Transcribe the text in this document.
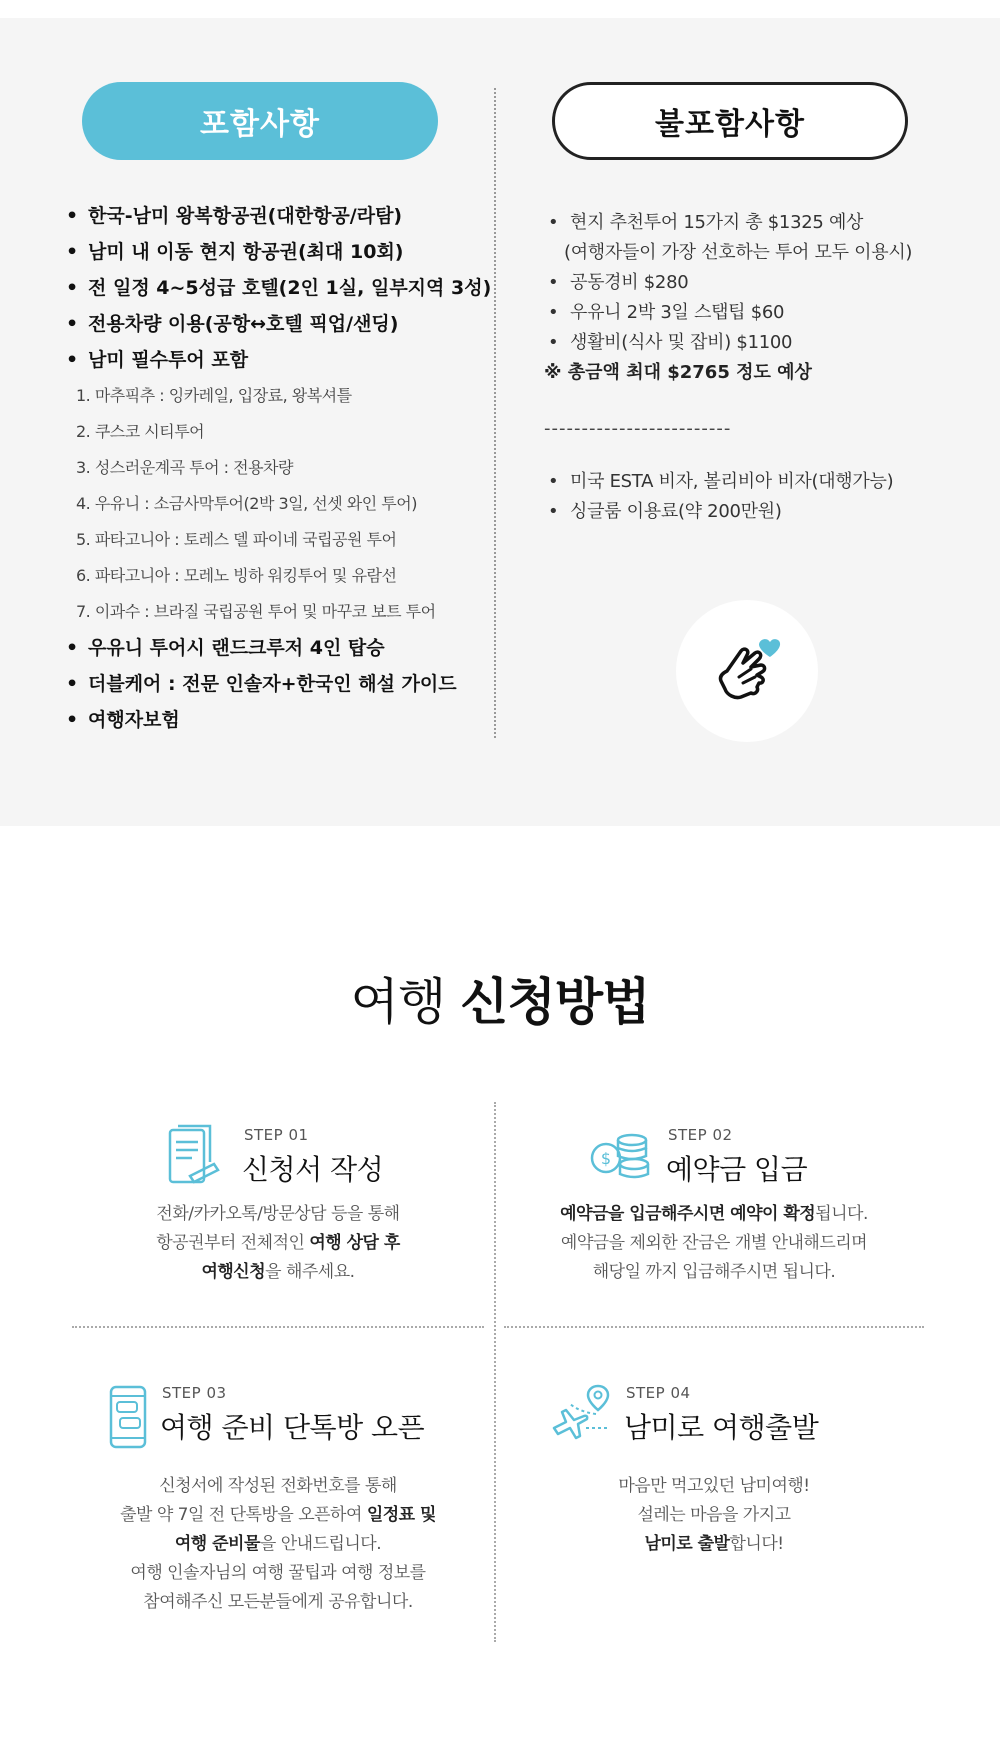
포함사항	불포함사항
• 한국-남미 왕복항공권(대한항공/라탐)
• 남미 내 이동 현지 항공권(최대 10회)
• 전 일정 4~5성급 호텔(2인 1실, 일부지역 3성)
• 전용차량 이용(공항↔호텔 픽업/샌딩)
• 남미 필수투어 포함
1. 마추픽추 : 잉카레일, 입장료, 왕복셔틀
2. 쿠스코 시티투어
3. 성스러운계곡 투어 : 전용차량
4. 우유니 : 소금사막투어(2박 3일, 선셋 와인 투어)
5. 파타고니아 : 토레스 델 파이네 국립공원 투어
6. 파타고니아 : 모레노 빙하 워킹투어 및 유람선
7. 이과수 : 브라질 국립공원 투어 및 마꾸코 보트 투어
• 우유니 투어시 랜드크루저 4인 탑승
• 더블케어 : 전문 인솔자+한국인 해설 가이드
• 여행자보험
• 현지 추천투어 15가지 총 $1325 예상
(여행자들이 가장 선호하는 투어 모두 이용시)
• 공동경비 $280
• 우유니 2박 3일 스탭팁 $60
• 생활비(식사 및 잡비) $1100
※ 총금액 최대 $2765 정도 예상
-------------------------
• 미국 ESTA 비자, 볼리비아 비자(대행가능)
• 싱글룸 이용료(약 200만원)
여행 신청방법
STEP 01
신청서 작성
전화/카카오톡/방문상담 등을 통해
항공권부터 전체적인 여행 상담 후
여행신청을 해주세요.
$
STEP 02
예약금 입금
예약금을 입금해주시면 예약이 확정됩니다.
예약금을 제외한 잔금은 개별 안내해드리며
해당일 까지 입금해주시면 됩니다.
STEP 03
여행 준비 단톡방 오픈
신청서에 작성된 전화번호를 통해
출발 약 7일 전 단톡방을 오픈하여 일정표 및
여행 준비물을 안내드립니다.
여행 인솔자님의 여행 꿀팁과 여행 정보를
참여해주신 모든분들에게 공유합니다.
STEP 04
남미로 여행출발
마음만 먹고있던 남미여행!
설레는 마음을 가지고
남미로 출발합니다!
